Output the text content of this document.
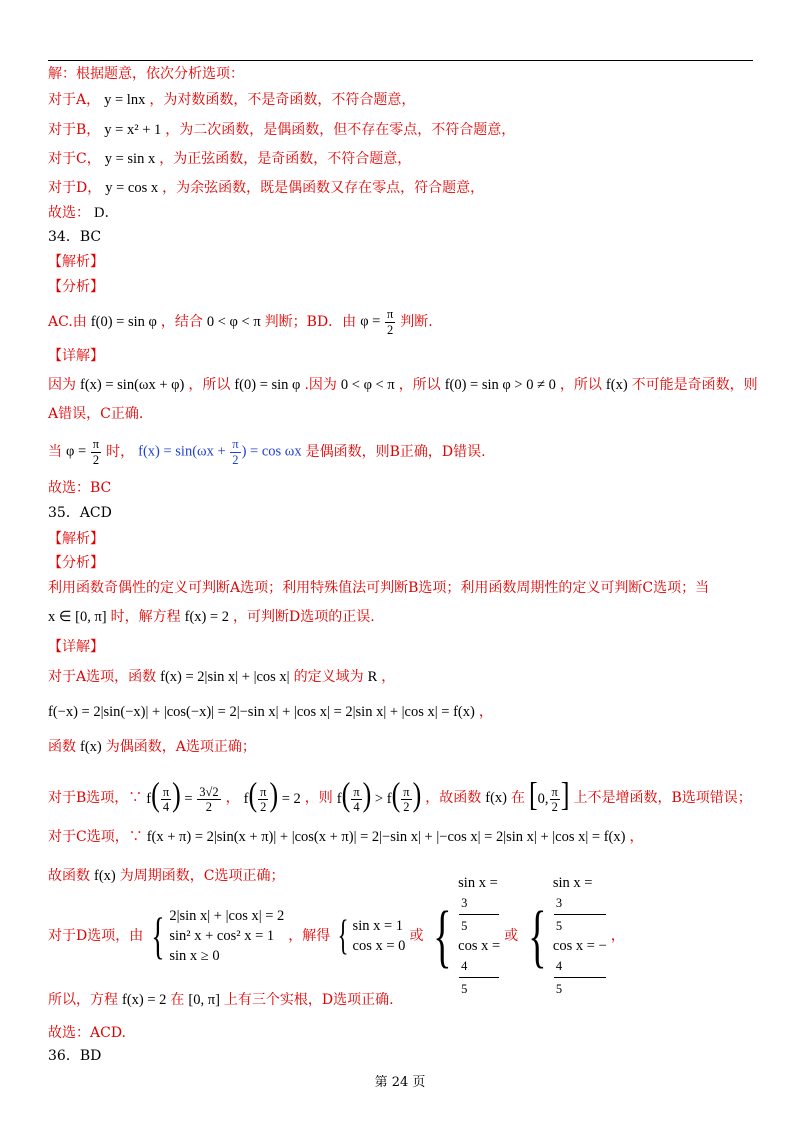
解：根据题意，依次分析选项：
对于A， y = lnx ，为对数函数，不是奇函数，不符合题意，
对于B， y = x² + 1 ，为二次函数，是偶函数，但不存在零点，不符合题意，
对于C， y = sin x ，为正弦函数，是奇函数，不符合题意，
对于D， y = cos x ，为余弦函数，既是偶函数又存在零点，符合题意，
故选： D．
34．BC
【解析】
【分析】
AC.由 f(0) = sin φ ，结合 0 < φ < π 判断；BD．由 $\varphi = \frac{\pi}{2}$ 判断.
【详解】
因为 f(x) = sin(ωx + φ) ，所以 f(0) = sin φ .因为 0 < φ < π ，所以 f(0) = sin φ > 0 ≠ 0 ，所以 f(x) 不可能是奇函数，则
A错误，C正确.
当 $\varphi = \frac{\pi}{2}$ 时， $f(x) = \sin(\omega x + \frac{\pi}{2}$ ) = cos ωx 是偶函数，则B正确，D错误.
故选：BC
35．ACD
【解析】
【分析】
利用函数奇偶性的定义可判断A选项；利用特殊值法可判断B选项；利用函数周期性的定义可判断C选项；当
x ∈ [0, π] 时，解方程 f(x) = 2 ，可判断D选项的正误.
【详解】
对于A选项，函数 f(x) = 2|sin x| + |cos x| 的定义域为 R ，
f(−x) = 2|sin(−x)| + |cos(−x)| = 2|−sin x| + |cos x| = 2|sin x| + |cos x| = f(x) ，
函数 f(x) 为偶函数，A选项正确；
对于B选项，∵ $f( \frac{\pi}{4}$ ) = $\frac{3√2}{2}$ ， $f( \frac{\pi}{2}$ ) = 2 ，则 $f( \frac{\pi}{4}$ ) > $f( \frac{\pi}{2}$ ) ，故函数 f(x) 在 [0, $\frac{\pi}{2}$ ] 上不是增函数，B选项错误；
对于C选项，∵ f(x + π) = 2|sin(x + π)| + |cos(x + π)| = 2|−sin x| + |−cos x| = 2|sin x| + |cos x| = f(x) ，
故函数 f(x) 为周期函数，C选项正确；
对于D选项，由 { 2|sin x| + |cos x| = 2
sin² x + cos² x = 1
sin x ≥ 0
，解得 { sin x = 1
cos x = 0
或 {
sin x =
3
5
cos x =
4
5
或 {
sin x =
3
5
cos x = −
4
5
，
所以，方程 f(x) = 2 在 [0, π] 上有三个实根，D选项正确.
故选：ACD.
36．BD
第 24 页
